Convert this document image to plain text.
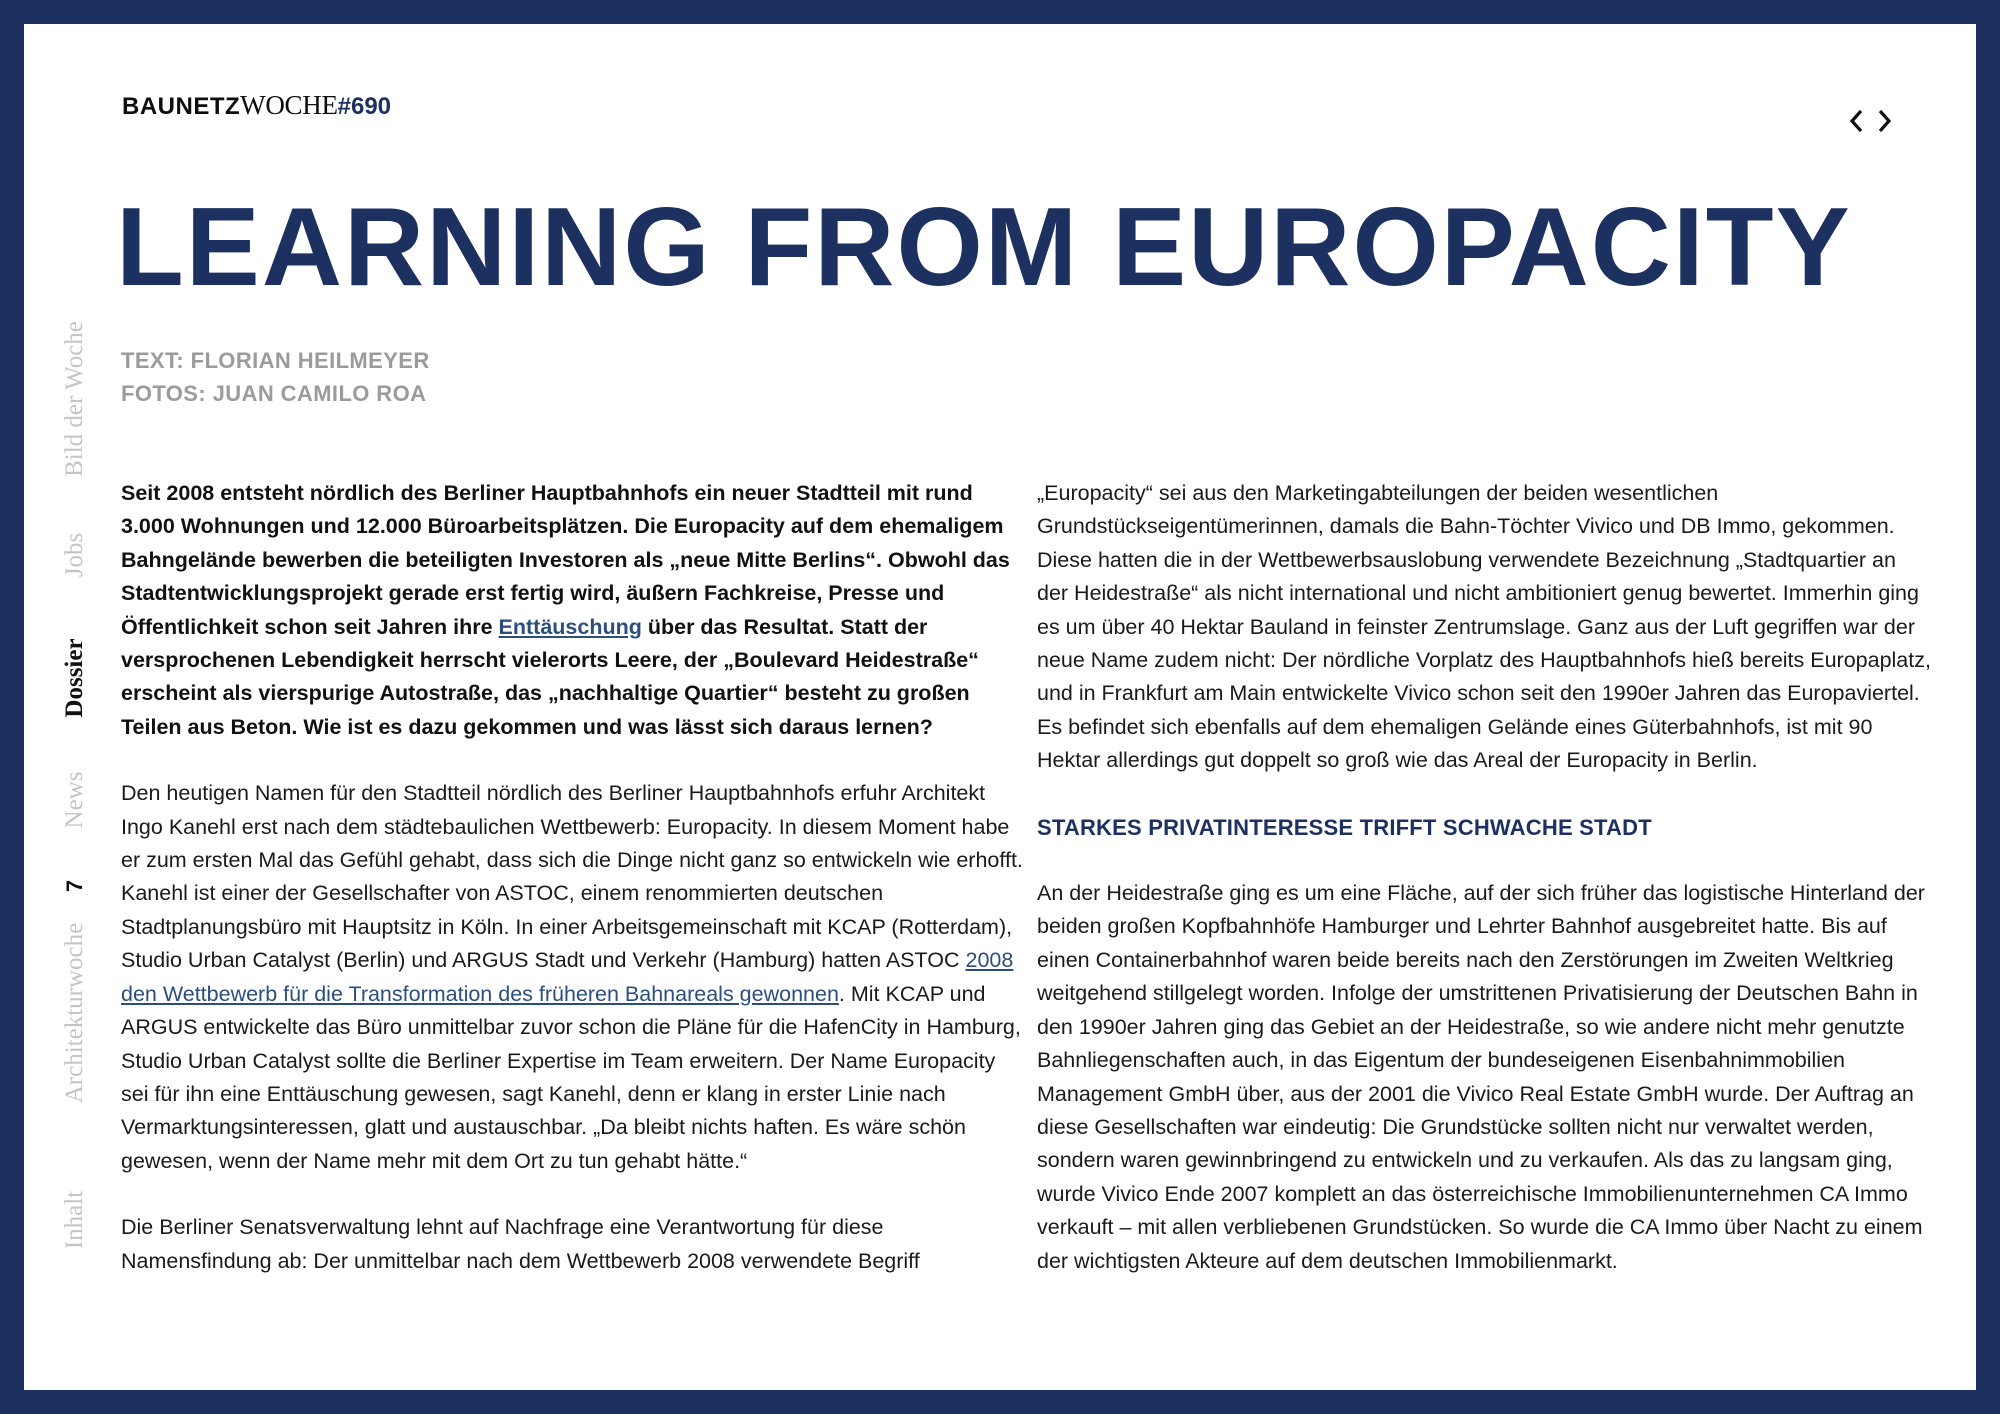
BAUNETZWOCHE#690
Bild der Woche
Jobs
Dossier
News
7
Architekturwoche
Inhalt
LEARNING FROM EUROPACITY
TEXT: FLORIAN HEILMEYER
FOTOS: JUAN CAMILO ROA

Seit 2008 entsteht nördlich des Berliner Hauptbahnhofs ein neuer Stadtteil mit rund 3.000 Wohnungen und 12.000 Büroarbeitsplätzen. Die Europacity auf dem ehemaligem Bahngelände bewerben die beteiligten Investoren als „neue Mitte Berlins“. Obwohl das Stadtentwicklungsprojekt gerade erst fertig wird, äußern Fachkreise, Presse und Öffentlichkeit schon seit Jahren ihre Enttäuschung über das Resultat. Statt der versprochenen Lebendigkeit herrscht vielerorts Leere, der „Boulevard Heidestraße“ erscheint als vierspurige Autostraße, das „nachhaltige Quartier“ besteht zu großen Teilen aus Beton. Wie ist es dazu gekommen und was lässt sich daraus lernen?

Den heutigen Namen für den Stadtteil nördlich des Berliner Hauptbahnhofs erfuhr Architekt Ingo Kanehl erst nach dem städtebaulichen Wettbewerb: Europacity. In diesem Moment habe er zum ersten Mal das Gefühl gehabt, dass sich die Dinge nicht ganz so entwickeln wie erhofft. Kanehl ist einer der Gesellschafter von ASTOC, einem renommierten deutschen Stadtplanungsbüro mit Hauptsitz in Köln. In einer Arbeitsgemeinschaft mit KCAP (Rotterdam), Studio Urban Catalyst (Berlin) und ARGUS Stadt und Verkehr (Hamburg) hatten ASTOC 2008 den Wettbewerb für die Transformation des früheren Bahnareals gewonnen. Mit KCAP und ARGUS entwickelte das Büro unmittelbar zuvor schon die Pläne für die HafenCity in Hamburg, Studio Urban Catalyst sollte die Berliner Expertise im Team erweitern. Der Name Europacity sei für ihn eine Enttäuschung gewesen, sagt Kanehl, denn er klang in erster Linie nach Vermarktungsinteressen, glatt und austauschbar. „Da bleibt nichts haften. Es wäre schön gewesen, wenn der Name mehr mit dem Ort zu tun gehabt hätte.“

Die Berliner Senatsverwaltung lehnt auf Nachfrage eine Verantwortung für diese Namensfindung ab: Der unmittelbar nach dem Wettbewerb 2008 verwendete Begriff

„Europacity“ sei aus den Marketingabteilungen der beiden wesentlichen Grundstückseigentümerinnen, damals die Bahn-Töchter Vivico und DB Immo, gekommen. Diese hatten die in der Wettbewerbsauslobung verwendete Bezeichnung „Stadtquartier an der Heidestraße“ als nicht international und nicht ambitioniert genug bewertet. Immerhin ging es um über 40 Hektar Bauland in feinster Zentrumslage. Ganz aus der Luft gegriffen war der neue Name zudem nicht: Der nördliche Vorplatz des Hauptbahnhofs hieß bereits Europaplatz, und in Frankfurt am Main entwickelte Vivico schon seit den 1990er Jahren das Europaviertel. Es befindet sich ebenfalls auf dem ehemaligen Gelände eines Güterbahnhofs, ist mit 90 Hektar allerdings gut doppelt so groß wie das Areal der Europacity in Berlin.

STARKES PRIVATINTERESSE TRIFFT SCHWACHE STADT

An der Heidestraße ging es um eine Fläche, auf der sich früher das logistische Hinterland der beiden großen Kopfbahnhöfe Hamburger und Lehrter Bahnhof ausgebreitet hatte. Bis auf einen Containerbahnhof waren beide bereits nach den Zerstörungen im Zweiten Weltkrieg weitgehend stillgelegt worden. Infolge der umstrittenen Privatisierung der Deutschen Bahn in den 1990er Jahren ging das Gebiet an der Heidestraße, so wie andere nicht mehr genutzte Bahnliegenschaften auch, in das Eigentum der bundeseigenen Eisenbahnimmobilien Management GmbH über, aus der 2001 die Vivico Real Estate GmbH wurde. Der Auftrag an diese Gesellschaften war eindeutig: Die Grundstücke sollten nicht nur verwaltet werden, sondern waren gewinnbringend zu entwickeln und zu verkaufen. Als das zu langsam ging, wurde Vivico Ende 2007 komplett an das österreichische Immobilienunternehmen CA Immo verkauft – mit allen verbliebenen Grundstücken. So wurde die CA Immo über Nacht zu einem der wichtigsten Akteure auf dem deutschen Immobilienmarkt.
